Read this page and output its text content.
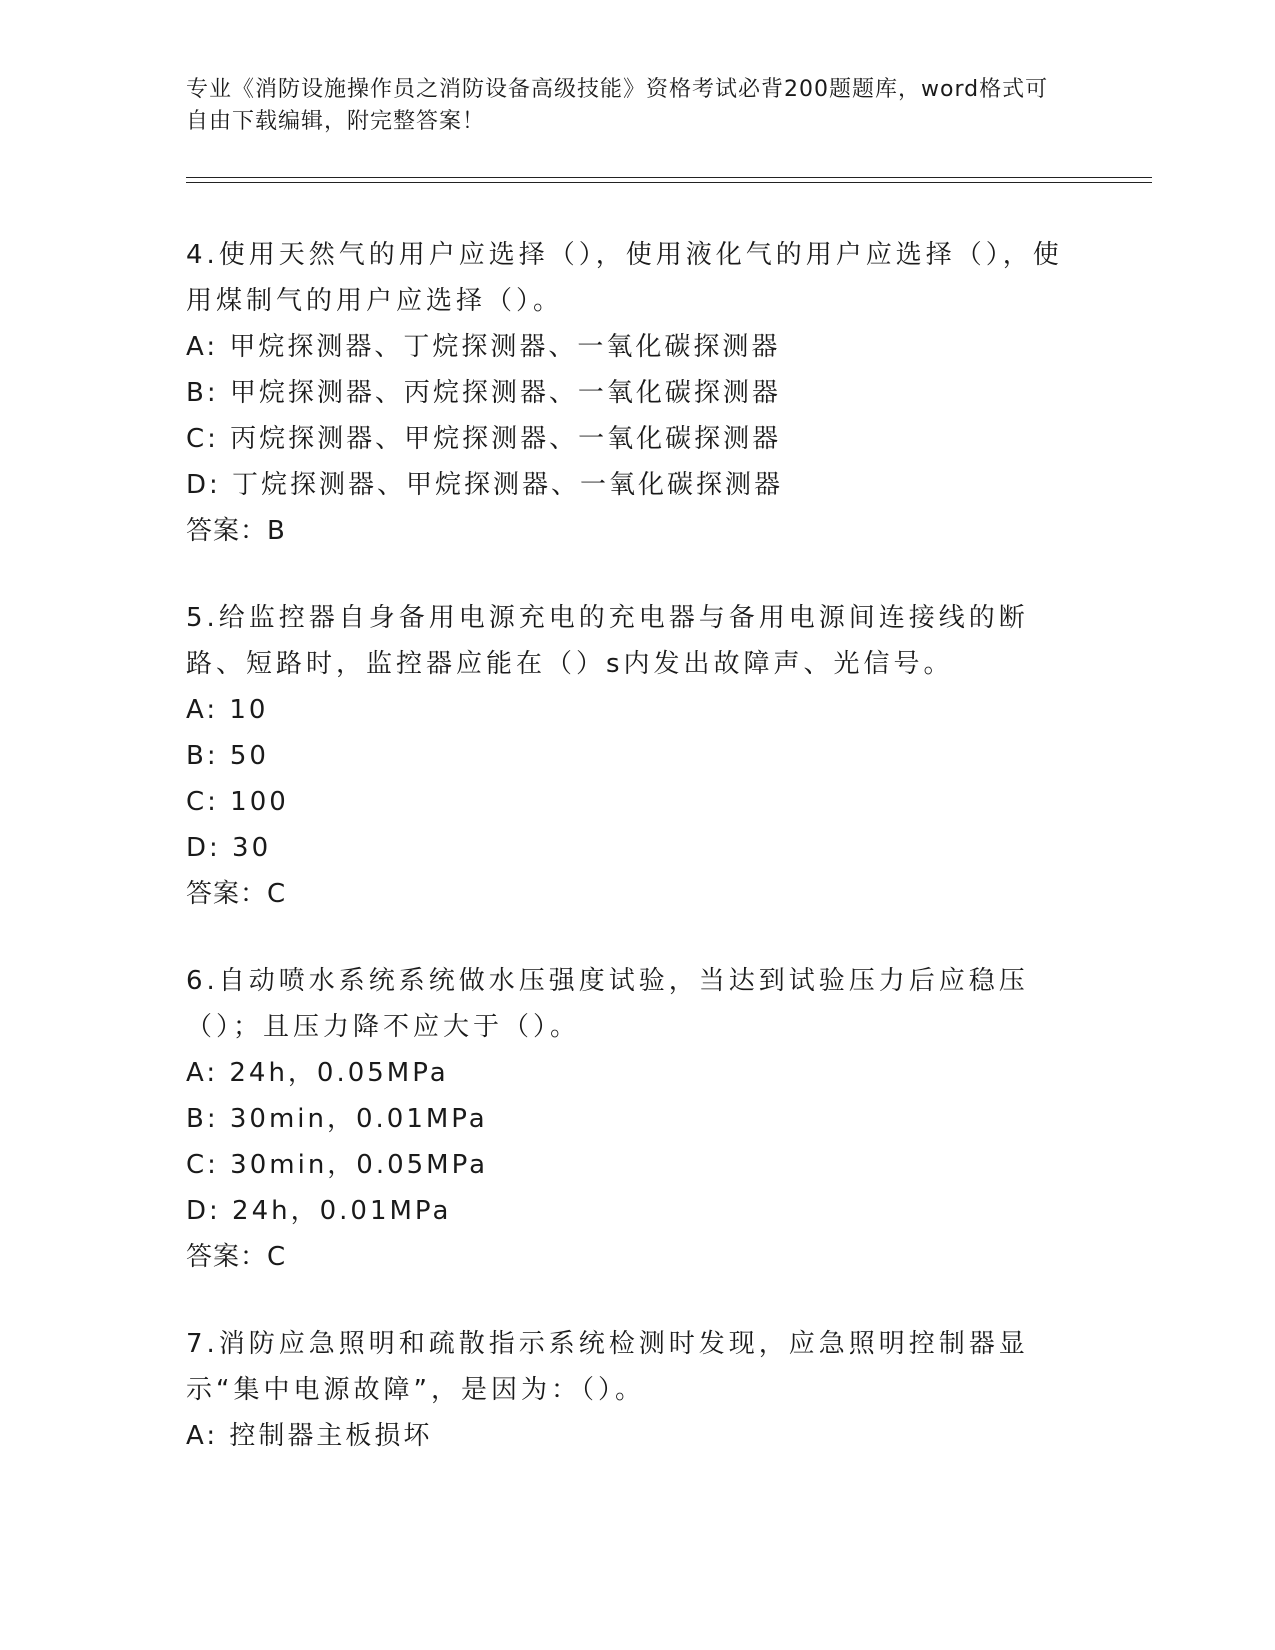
专业《消防设施操作员之消防设备高级技能》资格考试必背200题题库，word格式可自由下载编辑，附完整答案！
4.使用天然气的用户应选择（），使用液化气的用户应选择（），使用煤制气的用户应选择（）。
A: 甲烷探测器、丁烷探测器、一氧化碳探测器
B: 甲烷探测器、丙烷探测器、一氧化碳探测器
C: 丙烷探测器、甲烷探测器、一氧化碳探测器
D: 丁烷探测器、甲烷探测器、一氧化碳探测器
答案：B
5.给监控器自身备用电源充电的充电器与备用电源间连接线的断路、短路时，监控器应能在（）s内发出故障声、光信号。
A: 10
B: 50
C: 100
D: 30
答案：C
6.自动喷水系统系统做水压强度试验，当达到试验压力后应稳压（）；且压力降不应大于（）。
A: 24h，0.05MPa
B: 30min，0.01MPa
C: 30min，0.05MPa
D: 24h，0.01MPa
答案：C
7.消防应急照明和疏散指示系统检测时发现，应急照明控制器显示“集中电源故障”，是因为：（）。
A: 控制器主板损坏
